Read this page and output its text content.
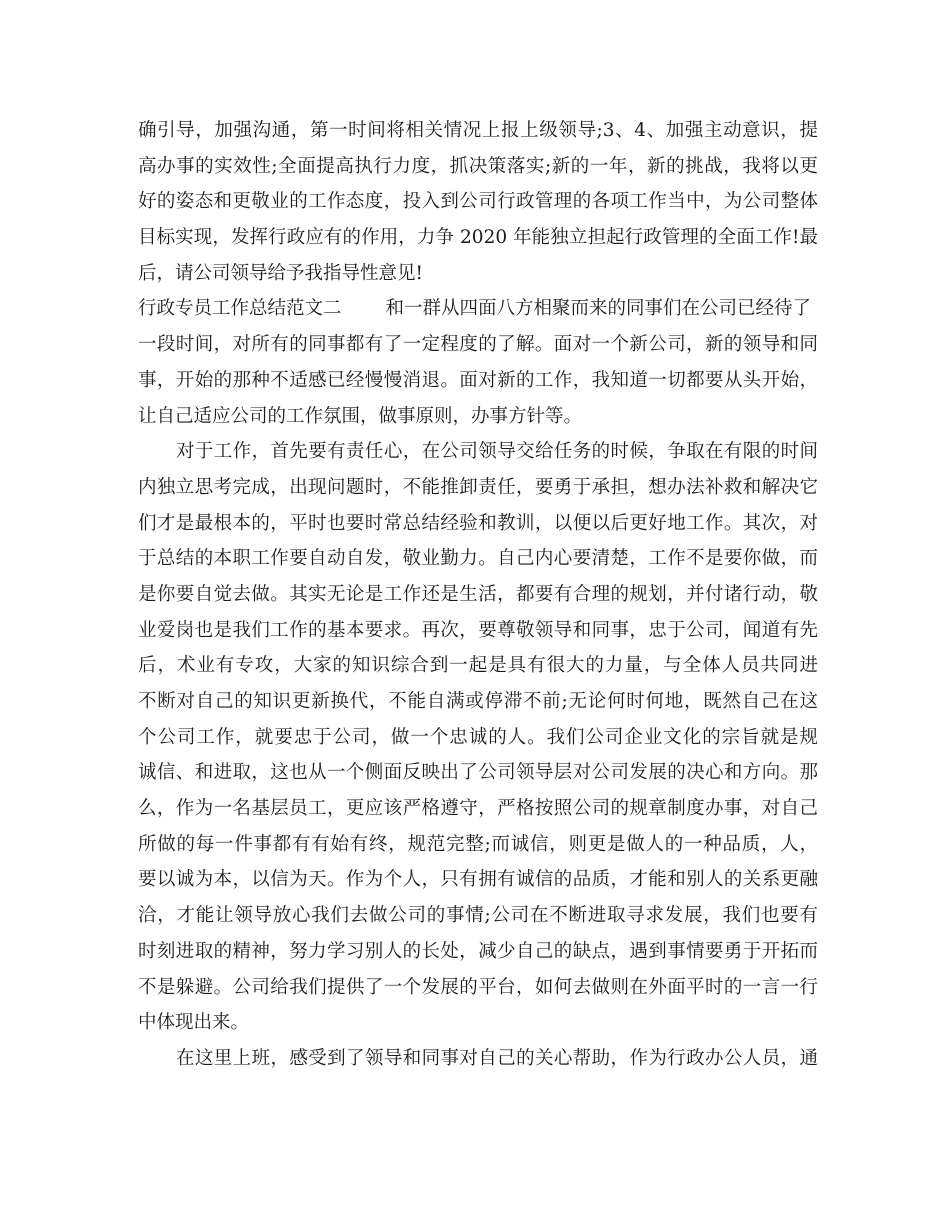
确引导，加强沟通，第一时间将相关情况上报上级领导;3、4、加强主动意识，提
高办事的实效性;全面提高执行力度，抓决策落实;新的一年，新的挑战，我将以更
好的姿态和更敬业的工作态度，投入到公司行政管理的各项工作当中，为公司整体
目标实现，发挥行政应有的作用，力争 2020 年能独立担起行政管理的全面工作!最
后，请公司领导给予我指导性意见!
行政专员工作总结范文二 和一群从四面八方相聚而来的同事们在公司已经待了
一段时间，对所有的同事都有了一定程度的了解。面对一个新公司，新的领导和同
事，开始的那种不适感已经慢慢消退。面对新的工作，我知道一切都要从头开始，
让自己适应公司的工作氛围，做事原则，办事方针等。
对于工作，首先要有责任心，在公司领导交给任务的时候，争取在有限的时间
内独立思考完成，出现问题时，不能推卸责任，要勇于承担，想办法补救和解决它
们才是最根本的，平时也要时常总结经验和教训，以便以后更好地工作。其次，对
于总结的本职工作要自动自发，敬业勤力。自己内心要清楚，工作不是要你做，而
是你要自觉去做。其实无论是工作还是生活，都要有合理的规划，并付诸行动，敬
业爱岗也是我们工作的基本要求。再次，要尊敬领导和同事，忠于公司，闻道有先
后，术业有专攻，大家的知识综合到一起是具有很大的力量，与全体人员共同进
不断对自己的知识更新换代，不能自满或停滞不前;无论何时何地，既然自己在这
个公司工作，就要忠于公司，做一个忠诚的人。我们公司企业文化的宗旨就是规
诚信、和进取，这也从一个侧面反映出了公司领导层对公司发展的决心和方向。那
么，作为一名基层员工，更应该严格遵守，严格按照公司的规章制度办事，对自己
所做的每一件事都有有始有终，规范完整;而诚信，则更是做人的一种品质，人，
要以诚为本，以信为天。作为个人，只有拥有诚信的品质，才能和别人的关系更融
洽，才能让领导放心我们去做公司的事情;公司在不断进取寻求发展，我们也要有
时刻进取的精神，努力学习别人的长处，减少自己的缺点，遇到事情要勇于开拓而
不是躲避。公司给我们提供了一个发展的平台，如何去做则在外面平时的一言一行
中体现出来。
在这里上班，感受到了领导和同事对自己的关心帮助，作为行政办公人员，通
